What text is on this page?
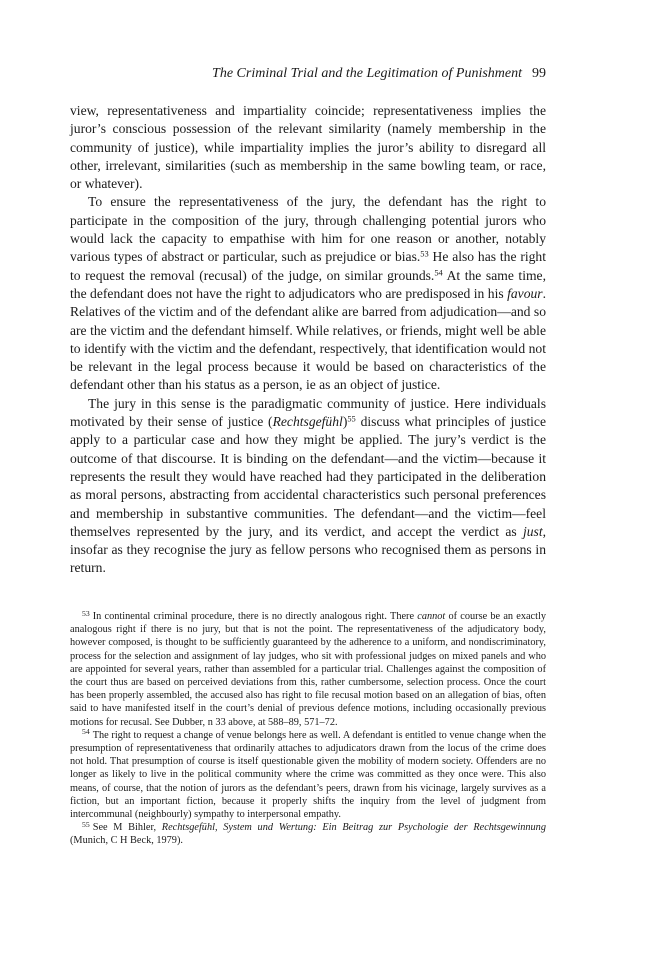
The Criminal Trial and the Legitimation of Punishment 99

view, representativeness and impartiality coincide; representativeness implies the juror’s conscious possession of the relevant similarity (namely membership in the community of justice), while impartiality implies the juror’s ability to disregard all other, irrelevant, similarities (such as membership in the same bowling team, or race, or whatever).

To ensure the representativeness of the jury, the defendant has the right to participate in the composition of the jury, through challenging potential jurors who would lack the capacity to empathise with him for one reason or another, notably various types of abstract or particular, such as prejudice or bias.$^{53}$ He also has the right to request the removal (recusal) of the judge, on similar grounds.$^{54}$ At the same time, the defendant does not have the right to adjudicators who are predisposed in his favour. Relatives of the victim and of the defendant alike are barred from adjudication—and so are the victim and the defendant himself. While relatives, or friends, might well be able to identify with the victim and the defendant, respectively, that identification would not be relevant in the legal process because it would be based on characteristics of the defendant other than his status as a person, ie as an object of justice.

The jury in this sense is the paradigmatic community of justice. Here individuals motivated by their sense of justice (Rechtsgefühl)$^{55}$ discuss what principles of justice apply to a particular case and how they might be applied. The jury’s verdict is the outcome of that discourse. It is binding on the defendant—and the victim—because it represents the result they would have reached had they participated in the deliberation as moral persons, abstracting from accidental characteristics such personal preferences and membership in substantive communities. The defendant—and the victim—feel themselves represented by the jury, and its verdict, and accept the verdict as just, insofar as they recognise the jury as fellow persons who recognised them as persons in return.

$^{53}$ In continental criminal procedure, there is no directly analogous right. There cannot of course be an exactly analogous right if there is no jury, but that is not the point. The representativeness of the adjudicatory body, however composed, is thought to be sufficiently guaranteed by the adherence to a uniform, and nondiscriminatory, process for the selection and assignment of lay judges, who sit with professional judges on mixed panels and who are appointed for several years, rather than assembled for a particular trial. Challenges against the composition of the court thus are based on perceived deviations from this, rather cumbersome, selection process. Once the court has been properly assembled, the accused also has right to file recusal motion based on an allegation of bias, often said to have manifested itself in the court’s denial of previous defence motions, including occasionally previous motions for recusal. See Dubber, n 33 above, at 588–89, 571–72.

$^{54}$ The right to request a change of venue belongs here as well. A defendant is entitled to venue change when the presumption of representativeness that ordinarily attaches to adjudicators drawn from the locus of the crime does not hold. That presumption of course is itself questionable given the mobility of modern society. Offenders are no longer as likely to live in the political community where the crime was committed as they once were. This also means, of course, that the notion of jurors as the defendant’s peers, drawn from his vicinage, largely survives as a fiction, but an important fiction, because it properly shifts the inquiry from the level of judgment from intercommunal (neighbourly) sympathy to interpersonal empathy.

$^{55}$ See M Bihler, Rechtsgefühl, System und Wertung: Ein Beitrag zur Psychologie der Rechtsgewinnung (Munich, C H Beck, 1979).
